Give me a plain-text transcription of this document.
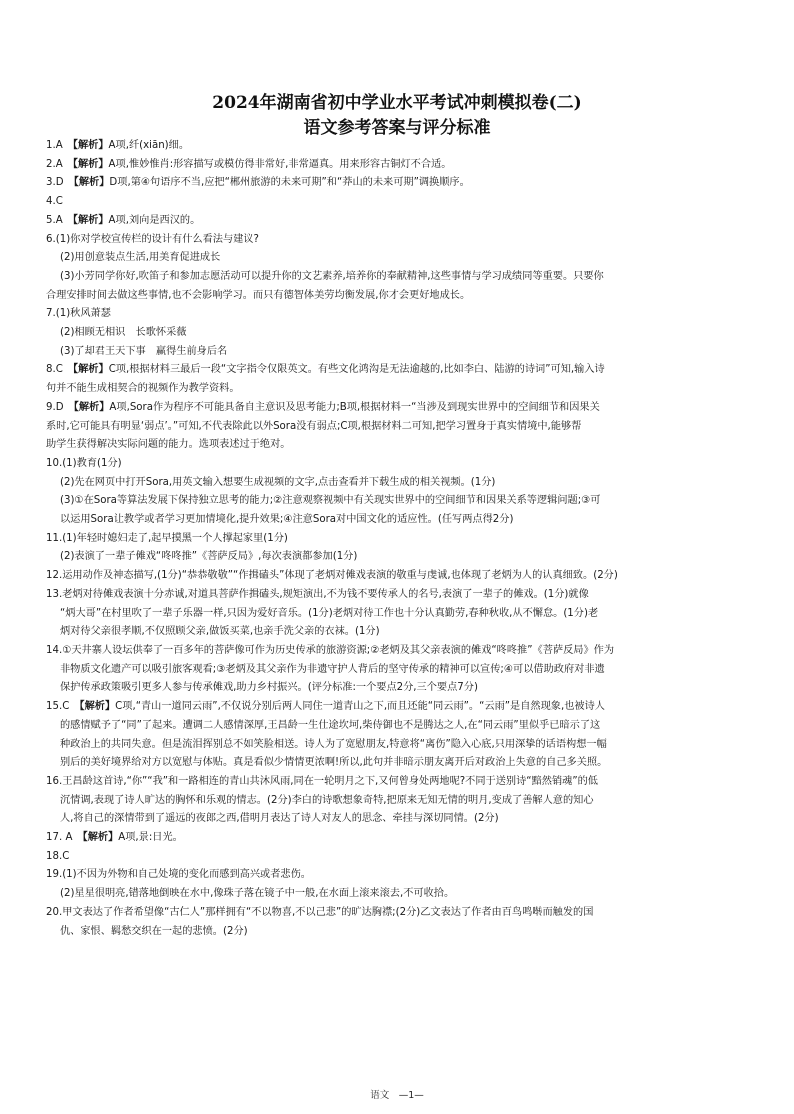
2024年湖南省初中学业水平考试冲刺模拟卷(二)
语文参考答案与评分标准

1.A　 【解析】A项,纤(xiān)细。

2.A　 【解析】A项,惟妙惟肖:形容描写或模仿得非常好,非常逼真。用来形容古铜灯不合适。

3.D　 【解析】D项,第④句语序不当,应把“郴州旅游的未来可期”和“莽山的未来可期”调换顺序。

4.C

5.A　 【解析】A项,刘向是西汉的。

6.(1)你对学校宣传栏的设计有什么看法与建议?

(2)用创意装点生活,用美育促进成长

(3)小芳同学你好,吹笛子和参加志愿活动可以提升你的文艺素养,培养你的奉献精神,这些事情与学习成绩同等重要。只要你

合理安排时间去做这些事情,也不会影响学习。而只有德智体美劳均衡发展,你才会更好地成长。

7.(1)秋风萧瑟

(2)相顾无相识　长歌怀采薇

(3)了却君王天下事　赢得生前身后名

8.C　 【解析】C项,根据材料三最后一段“文字指令仅限英文。有些文化鸿沟是无法逾越的,比如李白、陆游的诗词”可知,输入诗

句并不能生成相契合的视频作为教学资料。

9.D　 【解析】A项,Sora作为程序不可能具备自主意识及思考能力;B项,根据材料一“当涉及到现实世界中的空间细节和因果关

系时,它可能具有明显‘弱点’。”可知,不代表除此以外Sora没有弱点;C项,根据材料二可知,把学习置身于真实情境中,能够帮

助学生获得解决实际问题的能力。选项表述过于绝对。

10.(1)教育(1分)

(2)先在网页中打开Sora,用英文输入想要生成视频的文字,点击查看并下载生成的相关视频。(1分)

(3)①在Sora等算法发展下保持独立思考的能力;②注意观察视频中有关现实世界中的空间细节和因果关系等逻辑问题;③可

以运用Sora让教学或者学习更加情境化,提升效果;④注意Sora对中国文化的适应性。(任写两点得2分)

11.(1)年轻时媳妇走了,起早摸黑一个人撑起家里(1分)

(2)表演了一辈子傩戏“咚咚推”《菩萨反局》,每次表演都参加(1分)

12.运用动作及神态描写,(1分)“恭恭敬敬”“作揖磕头”体现了老炳对傩戏表演的敬重与虔诚,也体现了老炳为人的认真细致。(2分)

13.老炳对待傩戏表演十分赤诚,对道具菩萨作揖磕头,规矩演出,不为钱不要传承人的名号,表演了一辈子的傩戏。(1分)就像

“炳大哥”在村里吹了一辈子乐器一样,只因为爱好音乐。(1分)老炳对待工作也十分认真勤劳,春种秋收,从不懈怠。(1分)老

炳对待父亲很孝顺,不仅照顾父亲,做饭买菜,也亲手洗父亲的衣袜。(1分)

14.①天井寨人设坛供奉了一百多年的菩萨像可作为历史传承的旅游资源;②老炳及其父亲表演的傩戏“咚咚推”《菩萨反局》作为

非物质文化遗产可以吸引旅客观看;③老炳及其父亲作为非遗守护人背后的坚守传承的精神可以宣传;④可以借助政府对非遗

保护传承政策吸引更多人参与传承傩戏,助力乡村振兴。(评分标准:一个要点2分,三个要点7分)

15.C　 【解析】C项,“青山一道同云雨”,不仅说分别后两人同住一道青山之下,而且还能“同云雨”。“云雨”是自然现象,也被诗人

的感情赋予了“同”了起来。遭调二人感情深厚,王昌龄一生仕途坎坷,柴侍御也不是腾达之人,在“同云雨”里似乎已暗示了这

种政治上的共同失意。但是流泪挥别总不如笑脸相送。诗人为了宽慰朋友,特意将“离伤”隐入心底,只用深挚的话语构想一幅

别后的美好境界给对方以宽慰与体贴。真是看似少情情更浓啊!所以,此句并非暗示朋友离开后对政治上失意的自己多关照。

16.王昌龄这首诗,“你”“我”和一路相连的青山共沐风雨,同在一轮明月之下,又何曾身处两地呢?不同于送别诗“黯然销魂”的低

沉情调,表现了诗人旷达的胸怀和乐观的情志。(2分)李白的诗歌想象奇特,把原来无知无情的明月,变成了善解人意的知心

人,将自己的深情带到了遥远的夜郎之西,借明月表达了诗人对友人的思念、牵挂与深切同情。(2分)

17. A　 【解析】A项,景:日光。

18.C

19.(1)不因为外物和自己处境的变化而感到高兴或者悲伤。

(2)星星很明亮,错落地倒映在水中,像珠子落在镜子中一般,在水面上滚来滚去,不可收拾。

20.甲文表达了作者希望像“古仁人”那样拥有“不以物喜,不以己悲”的旷达胸襟;(2分)乙文表达了作者由百鸟鸣啭而触发的国

仇、家恨、羁愁交织在一起的悲愤。(2分)

语文　—1—
